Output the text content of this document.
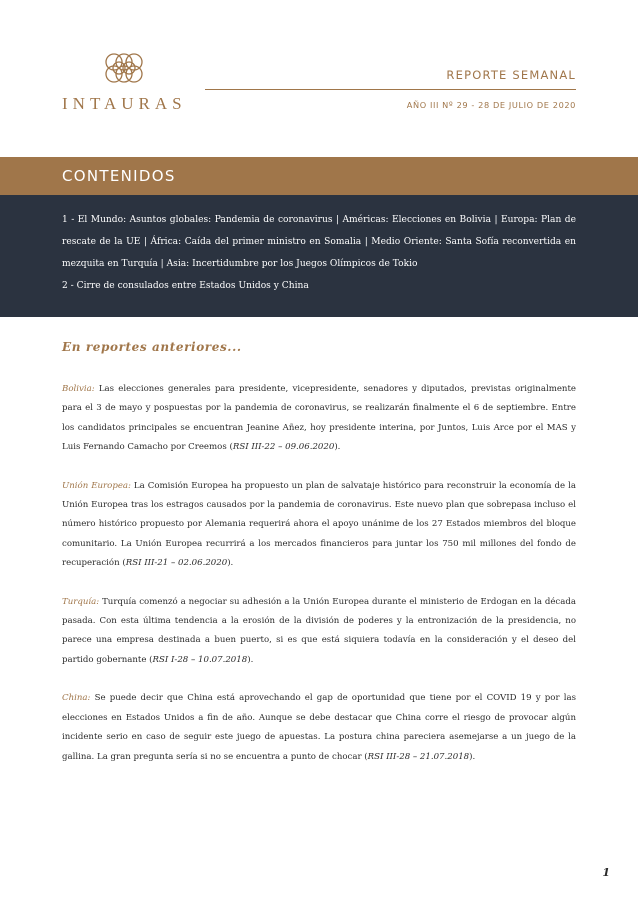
INTAURAS
REPORTE SEMANAL
AÑO III Nº 29 - 28 DE JULIO DE 2020
CONTENIDOS

1 - El Mundo: Asuntos globales: Pandemia de coronavirus | Américas: Elecciones en Bolivia | Europa: Plan de rescate de la UE | África: Caída del primer ministro en Somalia | Medio Oriente: Santa Sofía reconvertida en mezquita en Turquía | Asia: Incertidumbre por los Juegos Olímpicos de Tokio

2 - Cirre de consulados entre Estados Unidos y China

En reportes anteriores...

Bolivia: Las elecciones generales para presidente, vicepresidente, senadores y diputados, previstas originalmente para el 3 de mayo y pospuestas por la pandemia de coronavirus, se realizarán finalmente el 6 de septiembre. Entre los candidatos principales se encuentran Jeanine Añez, hoy presidente interina, por Juntos, Luis Arce por el MAS y Luis Fernando Camacho por Creemos (RSI III-22 – 09.06.2020).

Unión Europea: La Comisión Europea ha propuesto un plan de salvataje histórico para reconstruir la economía de la Unión Europea tras los estragos causados por la pandemia de coronavirus. Este nuevo plan que sobrepasa incluso el número histórico propuesto por Alemania requerirá ahora el apoyo unánime de los 27 Estados miembros del bloque comunitario. La Unión Europea recurrirá a los mercados financieros para juntar los 750 mil millones del fondo de recuperación (RSI III-21 – 02.06.2020).

Turquía: Turquía comenzó a negociar su adhesión a la Unión Europea durante el ministerio de Erdogan en la década pasada. Con esta última tendencia a la erosión de la división de poderes y la entronización de la presidencia, no parece una empresa destinada a buen puerto, si es que está siquiera todavía en la consideración y el deseo del partido gobernante (RSI I-28 – 10.07.2018).

China: Se puede decir que China está aprovechando el gap de oportunidad que tiene por el COVID 19 y por las elecciones en Estados Unidos a fin de año. Aunque se debe destacar que China corre el riesgo de provocar algún incidente serio en caso de seguir este juego de apuestas. La postura china pareciera asemejarse a un juego de la gallina. La gran pregunta sería si no se encuentra a punto de chocar (RSI III-28 – 21.07.2018).

1
